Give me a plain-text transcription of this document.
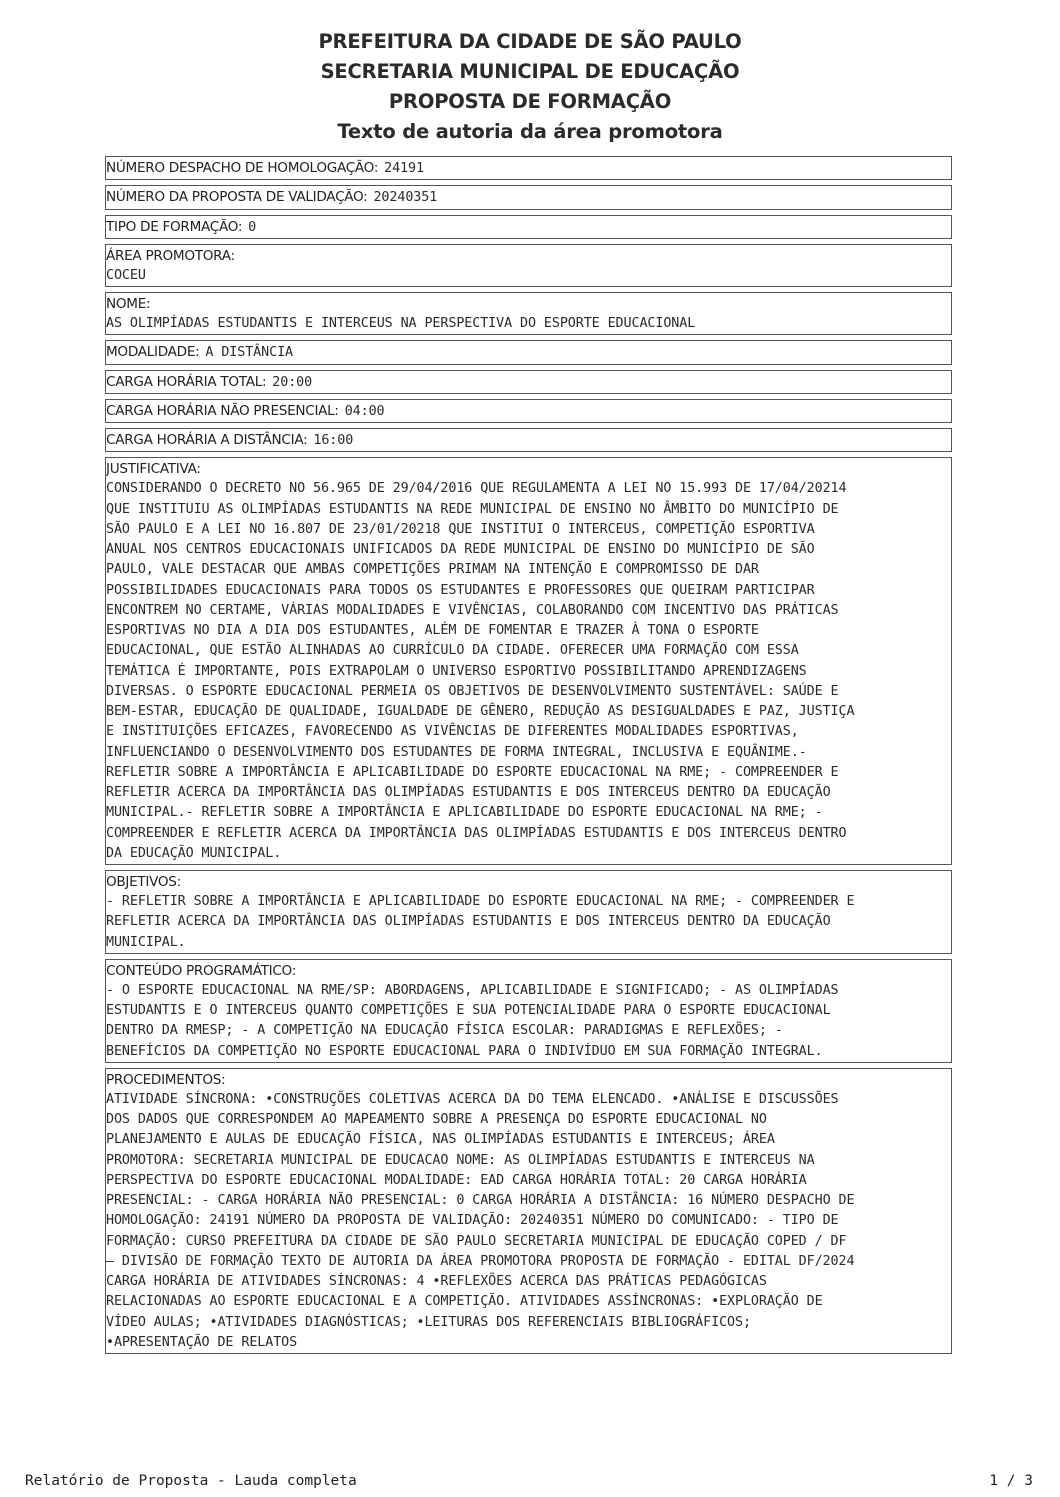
PREFEITURA DA CIDADE DE SÃO PAULO
SECRETARIA MUNICIPAL DE EDUCAÇÃO
PROPOSTA DE FORMAÇÃO
Texto de autoria da área promotora
NÚMERO DESPACHO DE HOMOLOGAÇÃO: 24191
NÚMERO DA PROPOSTA DE VALIDAÇÃO: 20240351
TIPO DE FORMAÇÃO: 0
ÁREA PROMOTORA:
COCEU
NOME:
AS OLIMPÍADAS ESTUDANTIS E INTERCEUS NA PERSPECTIVA DO ESPORTE EDUCACIONAL
MODALIDADE: A DISTÂNCIA
CARGA HORÁRIA TOTAL: 20:00
CARGA HORÁRIA NÃO PRESENCIAL: 04:00
CARGA HORÁRIA A DISTÂNCIA: 16:00
JUSTIFICATIVA:
CONSIDERANDO O DECRETO NO 56.965 DE 29/04/2016 QUE REGULAMENTA A LEI NO 15.993 DE 17/04/20214
QUE INSTITUIU AS OLIMPÍADAS ESTUDANTIS NA REDE MUNICIPAL DE ENSINO NO ÂMBITO DO MUNICÍPIO DE
SÃO PAULO E A LEI NO 16.807 DE 23/01/20218 QUE INSTITUI O INTERCEUS, COMPETIÇÃO ESPORTIVA
ANUAL NOS CENTROS EDUCACIONAIS UNIFICADOS DA REDE MUNICIPAL DE ENSINO DO MUNICÍPIO DE SÃO
PAULO, VALE DESTACAR QUE AMBAS COMPETIÇÕES PRIMAM NA INTENÇÃO E COMPROMISSO DE DAR
POSSIBILIDADES EDUCACIONAIS PARA TODOS OS ESTUDANTES E PROFESSORES QUE QUEIRAM PARTICIPAR
ENCONTREM NO CERTAME, VÁRIAS MODALIDADES E VIVÊNCIAS, COLABORANDO COM INCENTIVO DAS PRÁTICAS
ESPORTIVAS NO DIA A DIA DOS ESTUDANTES, ALÉM DE FOMENTAR E TRAZER À TONA O ESPORTE
EDUCACIONAL, QUE ESTÃO ALINHADAS AO CURRÍCULO DA CIDADE. OFERECER UMA FORMAÇÃO COM ESSA
TEMÁTICA É IMPORTANTE, POIS EXTRAPOLAM O UNIVERSO ESPORTIVO POSSIBILITANDO APRENDIZAGENS
DIVERSAS. O ESPORTE EDUCACIONAL PERMEIA OS OBJETIVOS DE DESENVOLVIMENTO SUSTENTÁVEL: SAÚDE E
BEM-ESTAR, EDUCAÇÃO DE QUALIDADE, IGUALDADE DE GÊNERO, REDUÇÃO AS DESIGUALDADES E PAZ, JUSTIÇA
E INSTITUIÇÕES EFICAZES, FAVORECENDO AS VIVÊNCIAS DE DIFERENTES MODALIDADES ESPORTIVAS,
INFLUENCIANDO O DESENVOLVIMENTO DOS ESTUDANTES DE FORMA INTEGRAL, INCLUSIVA E EQUÂNIME.-
REFLETIR SOBRE A IMPORTÂNCIA E APLICABILIDADE DO ESPORTE EDUCACIONAL NA RME; - COMPREENDER E
REFLETIR ACERCA DA IMPORTÂNCIA DAS OLIMPÍADAS ESTUDANTIS E DOS INTERCEUS DENTRO DA EDUCAÇÃO
MUNICIPAL.- REFLETIR SOBRE A IMPORTÂNCIA E APLICABILIDADE DO ESPORTE EDUCACIONAL NA RME; -
COMPREENDER E REFLETIR ACERCA DA IMPORTÂNCIA DAS OLIMPÍADAS ESTUDANTIS E DOS INTERCEUS DENTRO
DA EDUCAÇÃO MUNICIPAL.
OBJETIVOS:
- REFLETIR SOBRE A IMPORTÂNCIA E APLICABILIDADE DO ESPORTE EDUCACIONAL NA RME; - COMPREENDER E
REFLETIR ACERCA DA IMPORTÂNCIA DAS OLIMPÍADAS ESTUDANTIS E DOS INTERCEUS DENTRO DA EDUCAÇÃO
MUNICIPAL.
CONTEÚDO PROGRAMÁTICO:
- O ESPORTE EDUCACIONAL NA RME/SP: ABORDAGENS, APLICABILIDADE E SIGNIFICADO; - AS OLIMPÍADAS
ESTUDANTIS E O INTERCEUS QUANTO COMPETIÇÕES E SUA POTENCIALIDADE PARA O ESPORTE EDUCACIONAL
DENTRO DA RMESP; - A COMPETIÇÃO NA EDUCAÇÃO FÍSICA ESCOLAR: PARADIGMAS E REFLEXÕES; -
BENEFÍCIOS DA COMPETIÇÃO NO ESPORTE EDUCACIONAL PARA O INDIVÍDUO EM SUA FORMAÇÃO INTEGRAL.
PROCEDIMENTOS:
ATIVIDADE SÍNCRONA: •CONSTRUÇÕES COLETIVAS ACERCA DA DO TEMA ELENCADO. •ANÁLISE E DISCUSSÕES
DOS DADOS QUE CORRESPONDEM AO MAPEAMENTO SOBRE A PRESENÇA DO ESPORTE EDUCACIONAL NO
PLANEJAMENTO E AULAS DE EDUCAÇÃO FÍSICA, NAS OLIMPÍADAS ESTUDANTIS E INTERCEUS; ÁREA
PROMOTORA: SECRETARIA MUNICIPAL DE EDUCACAO NOME: AS OLIMPÍADAS ESTUDANTIS E INTERCEUS NA
PERSPECTIVA DO ESPORTE EDUCACIONAL MODALIDADE: EAD CARGA HORÁRIA TOTAL: 20 CARGA HORÁRIA
PRESENCIAL: - CARGA HORÁRIA NÃO PRESENCIAL: 0 CARGA HORÁRIA A DISTÂNCIA: 16 NÚMERO DESPACHO DE
HOMOLOGAÇÃO: 24191 NÚMERO DA PROPOSTA DE VALIDAÇÃO: 20240351 NÚMERO DO COMUNICADO: - TIPO DE
FORMAÇÃO: CURSO PREFEITURA DA CIDADE DE SÃO PAULO SECRETARIA MUNICIPAL DE EDUCAÇÃO COPED / DF
– DIVISÃO DE FORMAÇÃO TEXTO DE AUTORIA DA ÁREA PROMOTORA PROPOSTA DE FORMAÇÃO - EDITAL DF/2024
CARGA HORÁRIA DE ATIVIDADES SÍNCRONAS: 4 •REFLEXÕES ACERCA DAS PRÁTICAS PEDAGÓGICAS
RELACIONADAS AO ESPORTE EDUCACIONAL E A COMPETIÇÃO. ATIVIDADES ASSÍNCRONAS: •EXPLORAÇÃO DE
VÍDEO AULAS; •ATIVIDADES DIAGNÓSTICAS; •LEITURAS DOS REFERENCIAIS BIBLIOGRÁFICOS;
•APRESENTAÇÃO DE RELATOS
Relatório de Proposta - Lauda completa	1 / 3
